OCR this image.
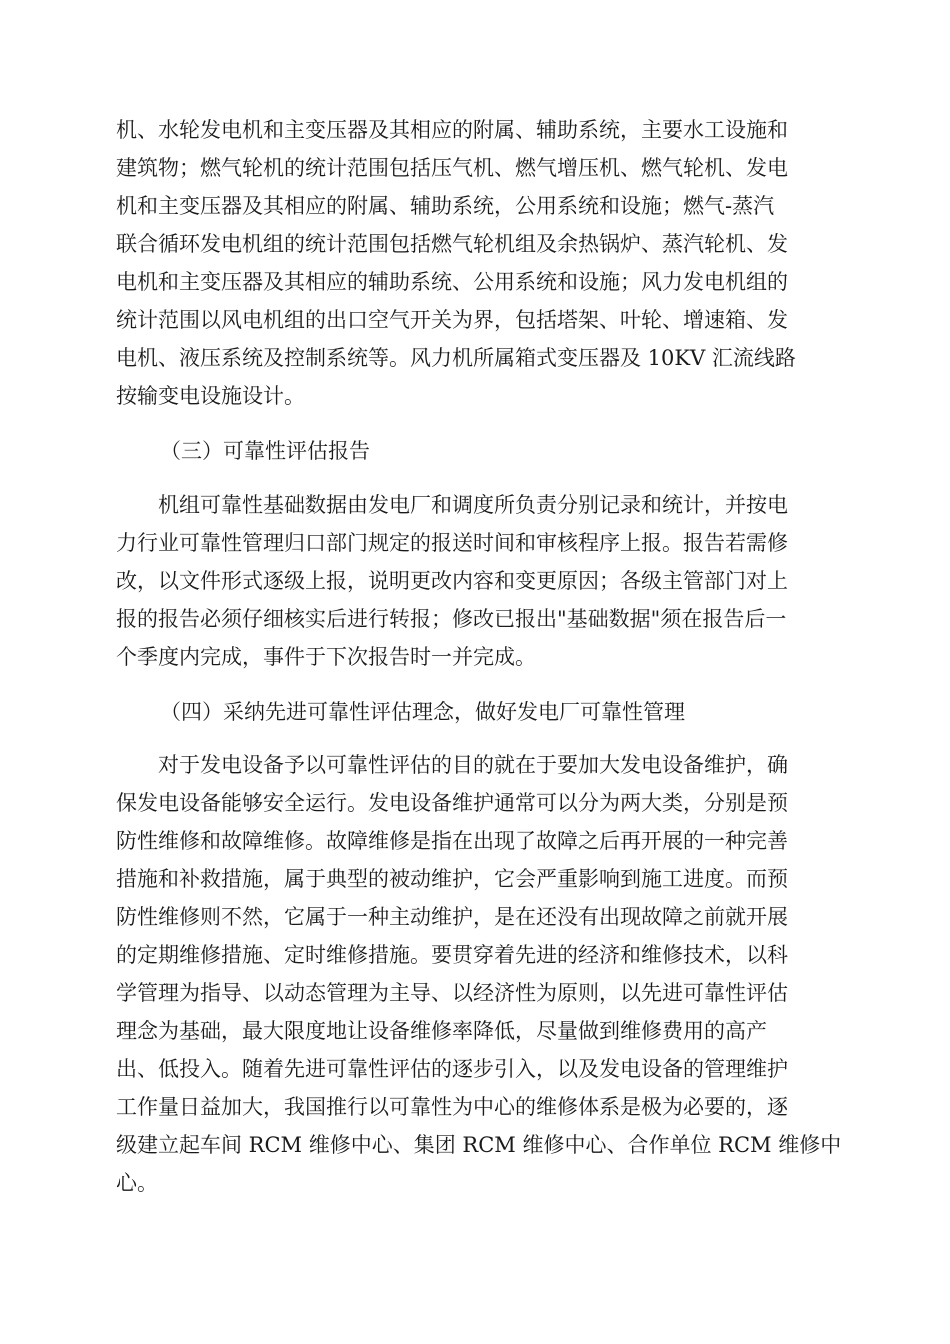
机、水轮发电机和主变压器及其相应的附属、辅助系统，主要水工设施和
建筑物；燃气轮机的统计范围包括压气机、燃气增压机、燃气轮机、发电
机和主变压器及其相应的附属、辅助系统，公用系统和设施；燃气-蒸汽
联合循环发电机组的统计范围包括燃气轮机组及余热锅炉、蒸汽轮机、发
电机和主变压器及其相应的辅助系统、公用系统和设施；风力发电机组的
统计范围以风电机组的出口空气开关为界，包括塔架、叶轮、增速箱、发
电机、液压系统及控制系统等。风力机所属箱式变压器及 10KV 汇流线路
按输变电设施设计。
（三）可靠性评估报告
机组可靠性基础数据由发电厂和调度所负责分别记录和统计，并按电
力行业可靠性管理归口部门规定的报送时间和审核程序上报。报告若需修
改，以文件形式逐级上报，说明更改内容和变更原因；各级主管部门对上
报的报告必须仔细核实后进行转报；修改已报出"基础数据"须在报告后一
个季度内完成，事件于下次报告时一并完成。
（四）采纳先进可靠性评估理念，做好发电厂可靠性管理
对于发电设备予以可靠性评估的目的就在于要加大发电设备维护，确
保发电设备能够安全运行。发电设备维护通常可以分为两大类，分别是预
防性维修和故障维修。故障维修是指在出现了故障之后再开展的一种完善
措施和补救措施，属于典型的被动维护，它会严重影响到施工进度。而预
防性维修则不然，它属于一种主动维护，是在还没有出现故障之前就开展
的定期维修措施、定时维修措施。要贯穿着先进的经济和维修技术，以科
学管理为指导、以动态管理为主导、以经济性为原则，以先进可靠性评估
理念为基础，最大限度地让设备维修率降低，尽量做到维修费用的高产
出、低投入。随着先进可靠性评估的逐步引入，以及发电设备的管理维护
工作量日益加大，我国推行以可靠性为中心的维修体系是极为必要的，逐
级建立起车间 RCM 维修中心、集团 RCM 维修中心、合作单位 RCM 维修中
心。
